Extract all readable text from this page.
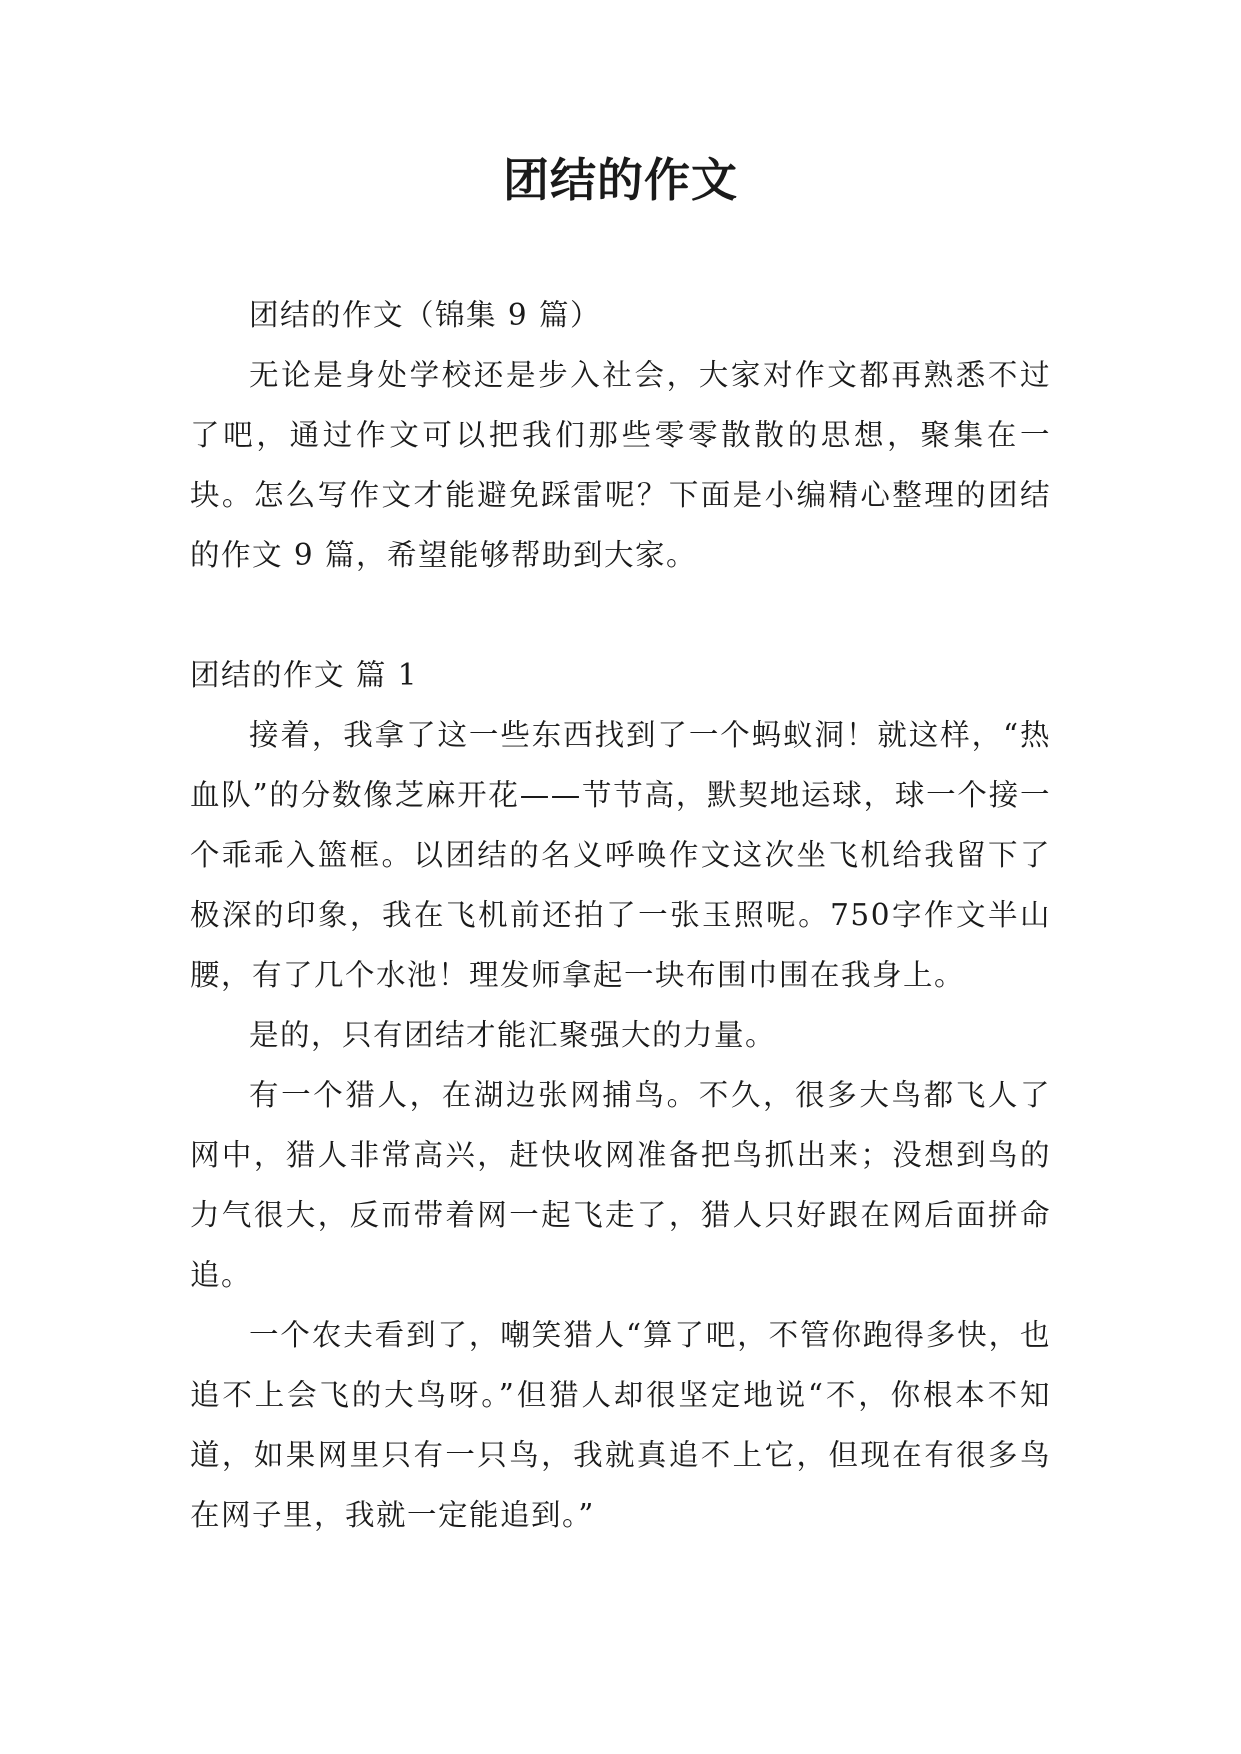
团结的作文

团结的作文（锦集 9 篇）

无论是身处学校还是步入社会，大家对作文都再熟悉不过了吧，通过作文可以把我们那些零零散散的思想，聚集在一块。怎么写作文才能避免踩雷呢？下面是小编精心整理的团结的作文 9 篇，希望能够帮助到大家。

团结的作文 篇 1

接着，我拿了这一些东西找到了一个蚂蚁洞！就这样，“热血队”的分数像芝麻开花——节节高，默契地运球，球一个接一个乖乖入篮框。以团结的名义呼唤作文这次坐飞机给我留下了极深的印象，我在飞机前还拍了一张玉照呢。750字作文半山腰，有了几个水池！理发师拿起一块布围巾围在我身上。

是的，只有团结才能汇聚强大的力量。

有一个猎人，在湖边张网捕鸟。不久，很多大鸟都飞人了网中，猎人非常高兴，赶快收网准备把鸟抓出来；没想到鸟的力气很大，反而带着网一起飞走了，猎人只好跟在网后面拼命追。

一个农夫看到了，嘲笑猎人“算了吧，不管你跑得多快，也追不上会飞的大鸟呀。”但猎人却很坚定地说“不，你根本不知道，如果网里只有一只鸟，我就真追不上它，但现在有很多鸟在网子里，我就一定能追到。”
